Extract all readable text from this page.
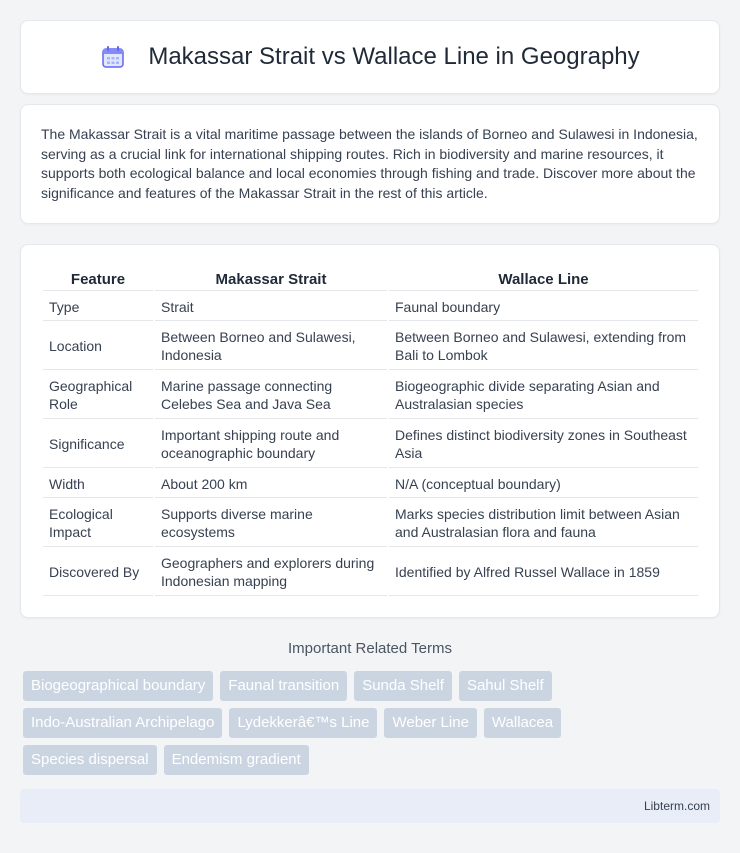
Makassar Strait vs Wallace Line in Geography

The Makassar Strait is a vital maritime passage between the islands of Borneo and Sulawesi in Indonesia, serving as a crucial link for international shipping routes. Rich in biodiversity and marine resources, it supports both ecological balance and local economies through fishing and trade. Discover more about the significance and features of the Makassar Strait in the rest of this article.

Feature	Makassar Strait	Wallace Line
Type	Strait	Faunal boundary
Location	Between Borneo and Sulawesi, Indonesia	Between Borneo and Sulawesi, extending from Bali to Lombok
Geographical Role	Marine passage connecting Celebes Sea and Java Sea	Biogeographic divide separating Asian and Australasian species
Significance	Important shipping route and oceanographic boundary	Defines distinct biodiversity zones in Southeast Asia
Width	About 200 km	N/A (conceptual boundary)
Ecological Impact	Supports diverse marine ecosystems	Marks species distribution limit between Asian and Australasian flora and fauna
Discovered By	Geographers and explorers during Indonesian mapping	Identified by Alfred Russel Wallace in 1859
Important Related Terms
Biogeographical boundary	Faunal transition	Sunda Shelf	Sahul Shelf
Indo-Australian Archipelago	Lydekkerâ€™s Line	Weber Line	Wallacea
Species dispersal	Endemism gradient
Libterm.com
